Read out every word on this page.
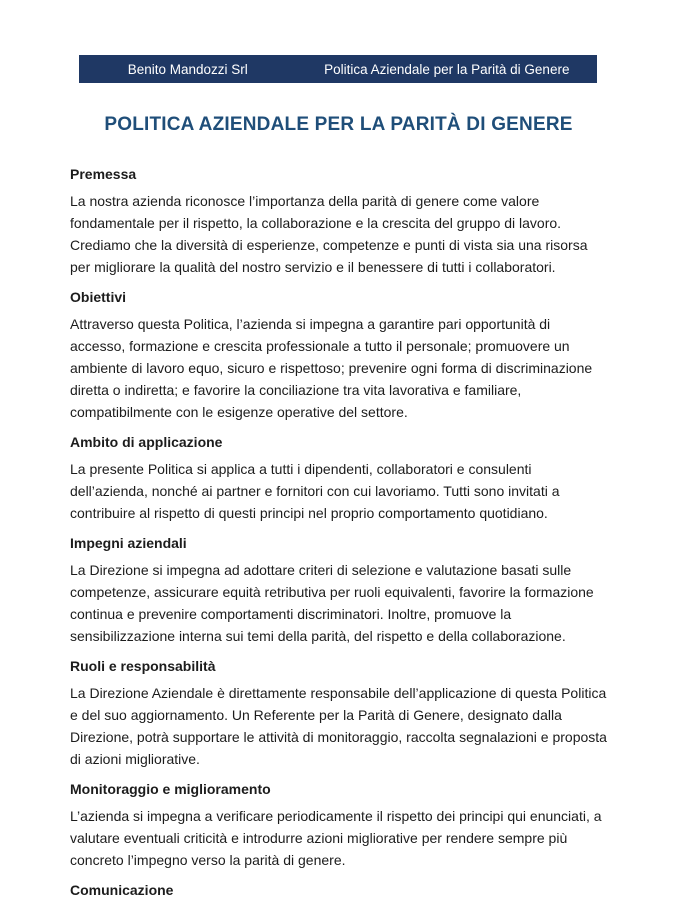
Benito Mandozzi Srl	Politica Aziendale per la Parità di Genere
POLITICA AZIENDALE PER LA PARITÀ DI GENERE
Premessa

La nostra azienda riconosce l’importanza della parità di genere come valore fondamentale per il rispetto, la collaborazione e la crescita del gruppo di lavoro. Crediamo che la diversità di esperienze, competenze e punti di vista sia una risorsa per migliorare la qualità del nostro servizio e il benessere di tutti i collaboratori.

Obiettivi

Attraverso questa Politica, l’azienda si impegna a garantire pari opportunità di accesso, formazione e crescita professionale a tutto il personale; promuovere un ambiente di lavoro equo, sicuro e rispettoso; prevenire ogni forma di discriminazione diretta o indiretta; e favorire la conciliazione tra vita lavorativa e familiare, compatibilmente con le esigenze operative del settore.

Ambito di applicazione

La presente Politica si applica a tutti i dipendenti, collaboratori e consulenti dell’azienda, nonché ai partner e fornitori con cui lavoriamo. Tutti sono invitati a contribuire al rispetto di questi principi nel proprio comportamento quotidiano.

Impegni aziendali

La Direzione si impegna ad adottare criteri di selezione e valutazione basati sulle competenze, assicurare equità retributiva per ruoli equivalenti, favorire la formazione continua e prevenire comportamenti discriminatori. Inoltre, promuove la sensibilizzazione interna sui temi della parità, del rispetto e della collaborazione.

Ruoli e responsabilità

La Direzione Aziendale è direttamente responsabile dell’applicazione di questa Politica e del suo aggiornamento. Un Referente per la Parità di Genere, designato dalla Direzione, potrà supportare le attività di monitoraggio, raccolta segnalazioni e proposta di azioni migliorative.

Monitoraggio e miglioramento

L’azienda si impegna a verificare periodicamente il rispetto dei principi qui enunciati, a valutare eventuali criticità e introdurre azioni migliorative per rendere sempre più concreto l’impegno verso la parità di genere.

Comunicazione
